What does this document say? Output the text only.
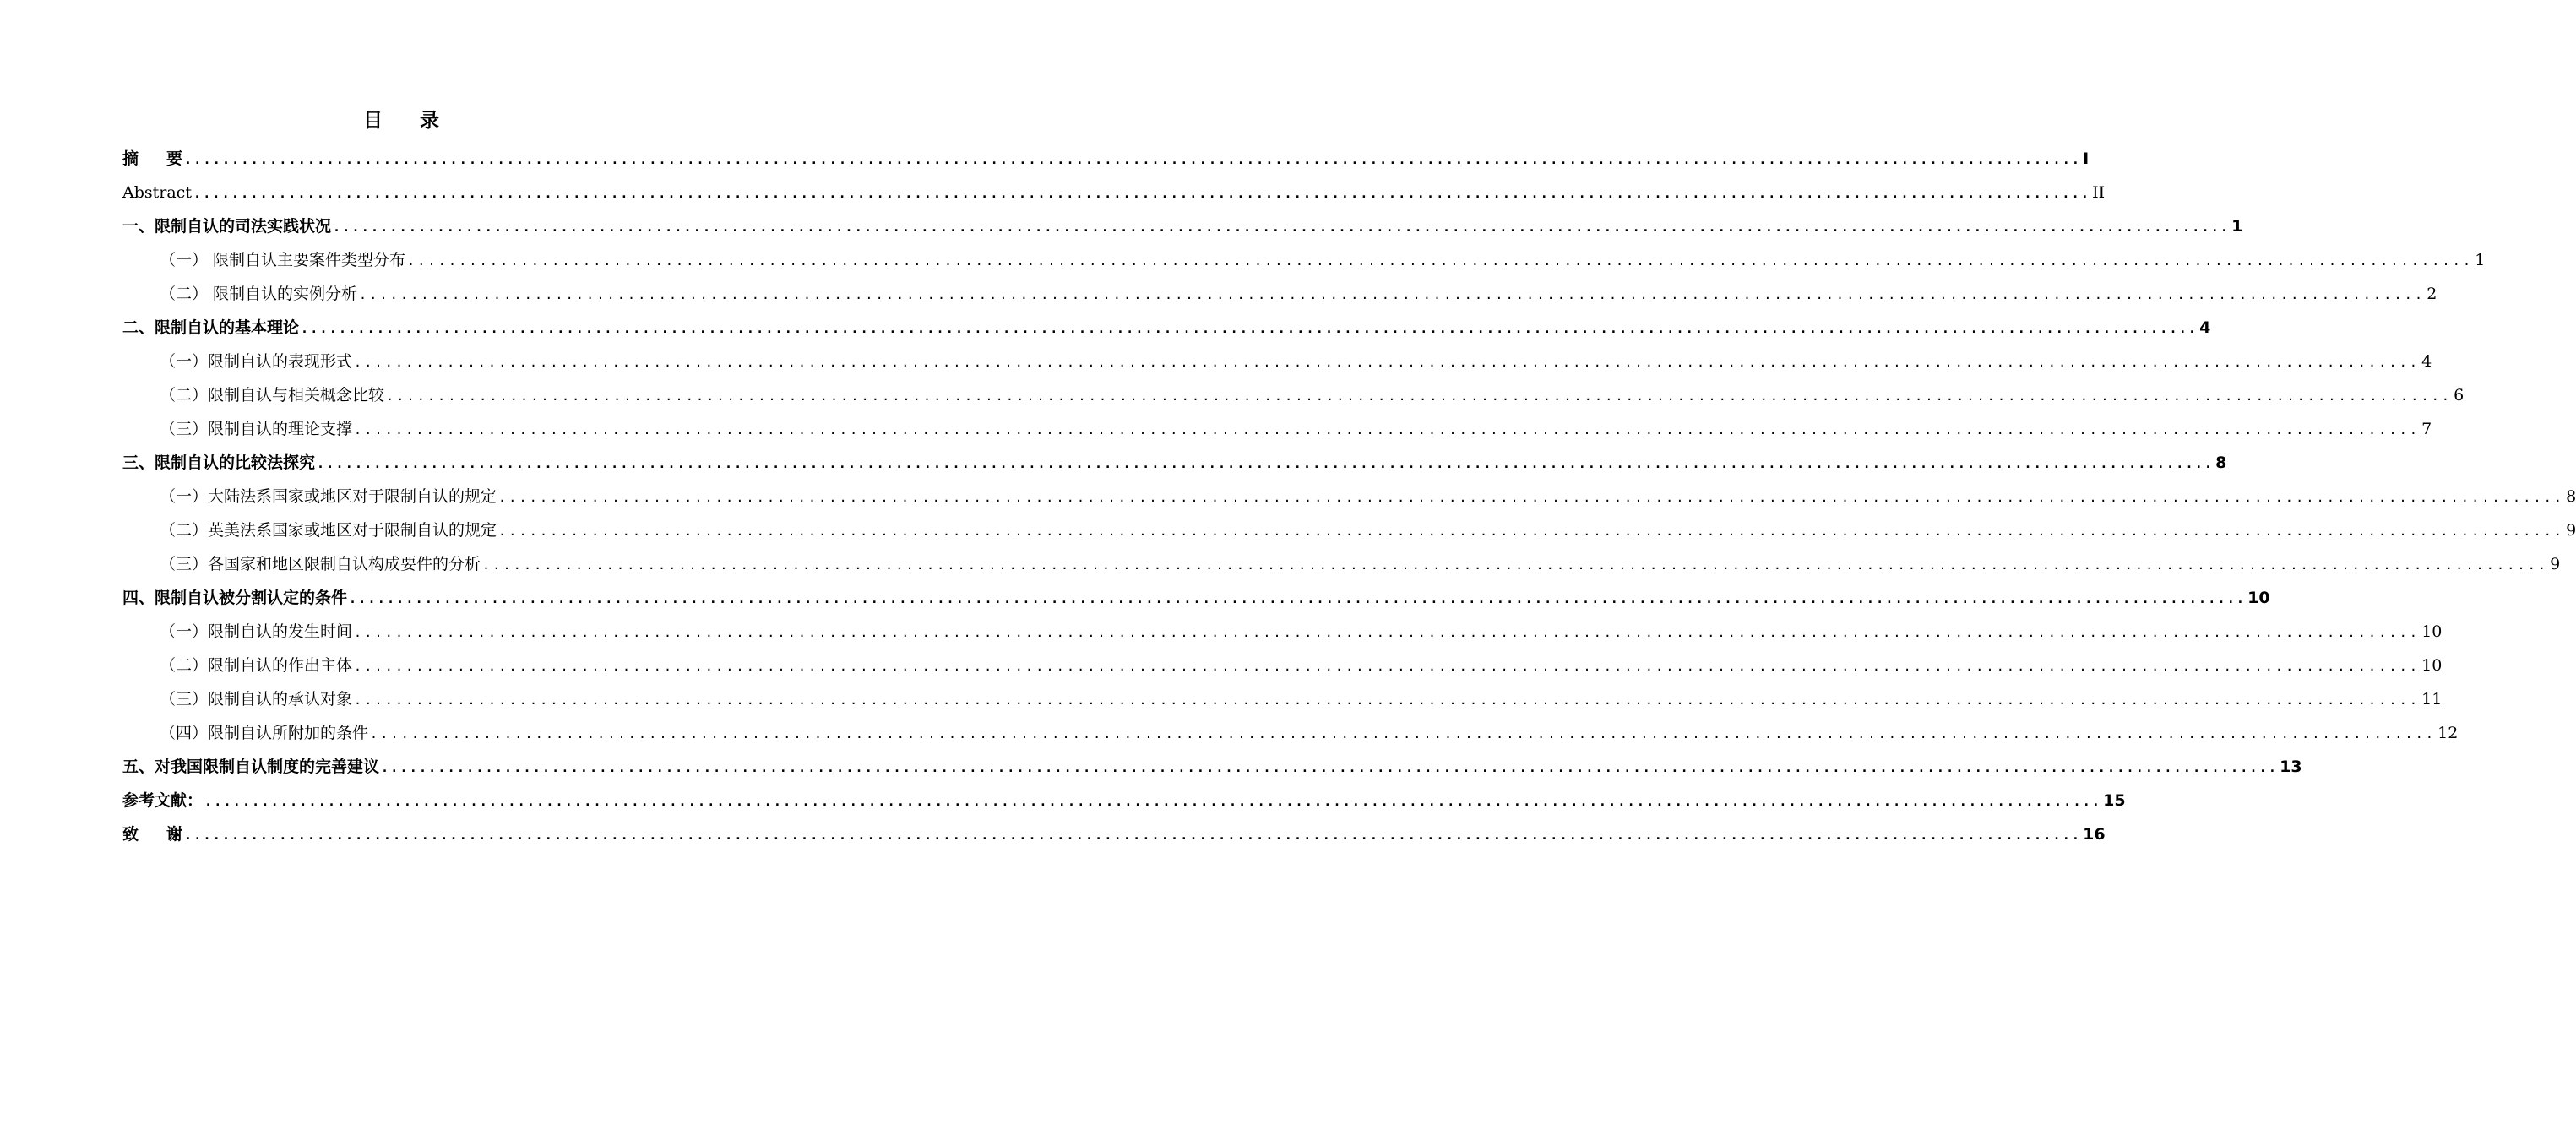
目 录
摘 要 ........................................................................................................................................................................................................ I
Abstract ........................................................................................................................................................................................................ II
一、限制自认的司法实践状况 ........................................................................................................................................................................................................ 1
（一） 限制自认主要案件类型分布 ........................................................................................................................................................................................................ 1
（二） 限制自认的实例分析 ........................................................................................................................................................................................................ 2
二、限制自认的基本理论 ........................................................................................................................................................................................................ 4
（一）限制自认的表现形式 ........................................................................................................................................................................................................ 4
（二）限制自认与相关概念比较 ........................................................................................................................................................................................................ 6
（三）限制自认的理论支撑 ........................................................................................................................................................................................................ 7
三、限制自认的比较法探究 ........................................................................................................................................................................................................ 8
（一）大陆法系国家或地区对于限制自认的规定 ........................................................................................................................................................................................................ 8
（二）英美法系国家或地区对于限制自认的规定 ........................................................................................................................................................................................................ 9
（三）各国家和地区限制自认构成要件的分析 ........................................................................................................................................................................................................ 9
四、限制自认被分割认定的条件 ........................................................................................................................................................................................................ 10
（一）限制自认的发生时间 ........................................................................................................................................................................................................ 10
（二）限制自认的作出主体 ........................................................................................................................................................................................................ 10
（三）限制自认的承认对象 ........................................................................................................................................................................................................ 11
（四）限制自认所附加的条件 ........................................................................................................................................................................................................ 12
五、对我国限制自认制度的完善建议 ........................................................................................................................................................................................................ 13
参考文献： ........................................................................................................................................................................................................ 15
致 谢 ........................................................................................................................................................................................................ 16
